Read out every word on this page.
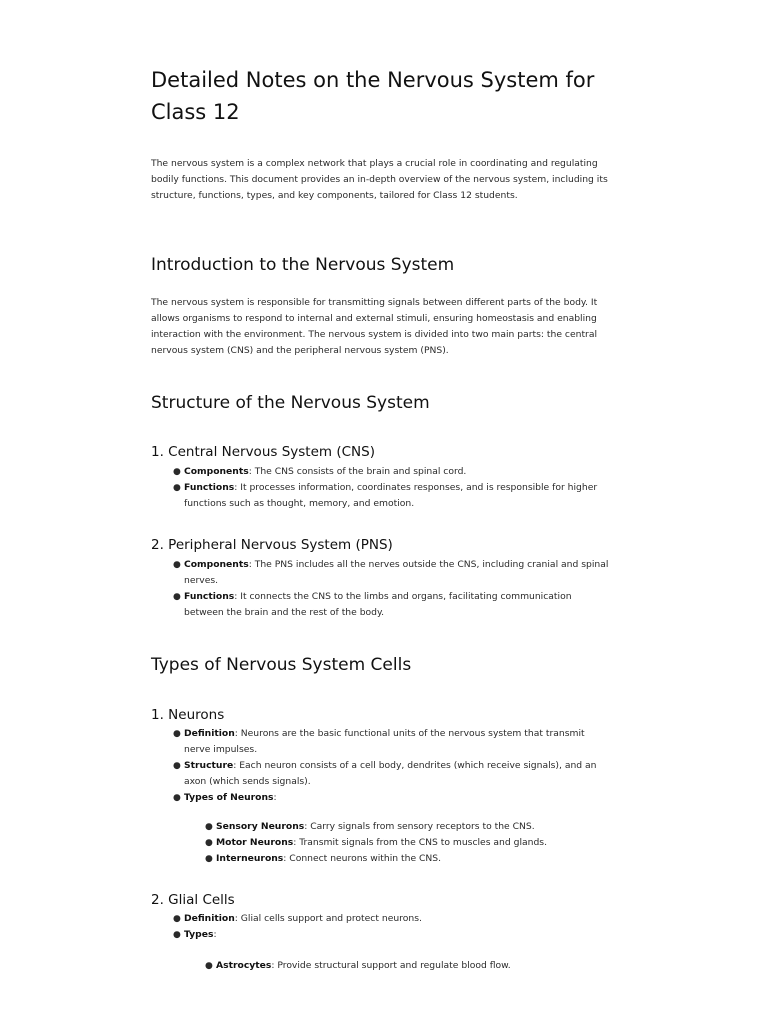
Detailed Notes on the Nervous System for Class 12

The nervous system is a complex network that plays a crucial role in coordinating and regulating bodily functions. This document provides an in-depth overview of the nervous system, including its structure, functions, types, and key components, tailored for Class 12 students.

Introduction to the Nervous System

The nervous system is responsible for transmitting signals between different parts of the body. It allows organisms to respond to internal and external stimuli, ensuring homeostasis and enabling interaction with the environment. The nervous system is divided into two main parts: the central nervous system (CNS) and the peripheral nervous system (PNS).

Structure of the Nervous System
1. Central Nervous System (CNS)
● Components: The CNS consists of the brain and spinal cord.
● Functions: It processes information, coordinates responses, and is responsible for higher functions such as thought, memory, and emotion.
2. Peripheral Nervous System (PNS)
● Components: The PNS includes all the nerves outside the CNS, including cranial and spinal nerves.
● Functions: It connects the CNS to the limbs and organs, facilitating communication between the brain and the rest of the body.
Types of Nervous System Cells
1. Neurons
● Definition: Neurons are the basic functional units of the nervous system that transmit nerve impulses.
● Structure: Each neuron consists of a cell body, dendrites (which receive signals), and an axon (which sends signals).
● Types of Neurons:
● Sensory Neurons: Carry signals from sensory receptors to the CNS.
● Motor Neurons: Transmit signals from the CNS to muscles and glands.
● Interneurons: Connect neurons within the CNS.
2. Glial Cells
● Definition: Glial cells support and protect neurons.
● Types:
● Astrocytes: Provide structural support and regulate blood flow.
